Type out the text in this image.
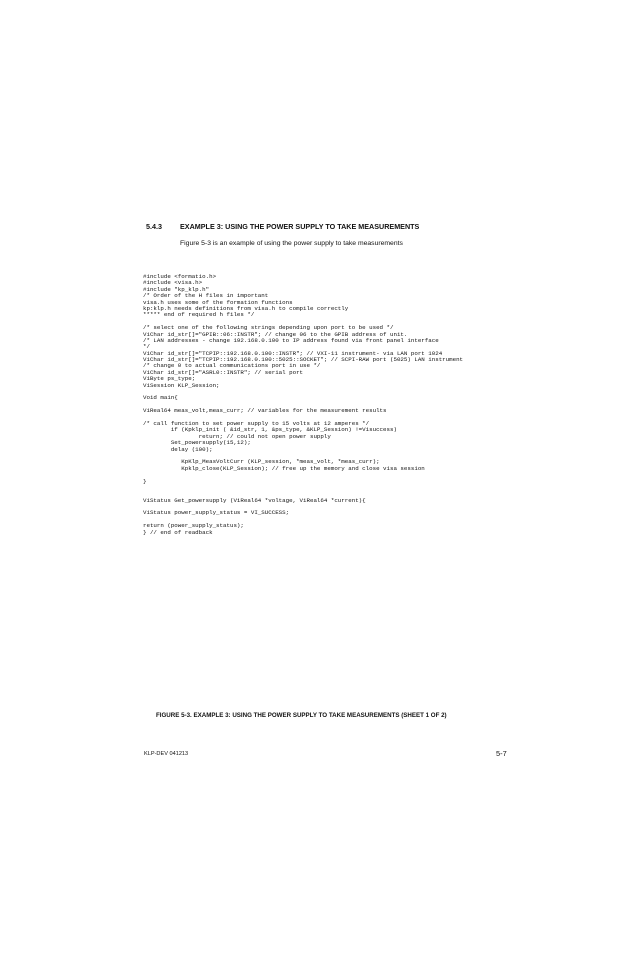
5.4.3	EXAMPLE 3: USING THE POWER SUPPLY TO TAKE MEASUREMENTS
Figure 5-3 is an example of using the power supply to take measurements
#include <formatio.h>
#include <visa.h>
#include "kp_klp.h"
/* Order of the H files in important
visa.h uses some of the formation functions
kp:klp.h needs definitions from visa.h to compile correctly
***** end of required h files */
/* select one of the following strings depending upon port to be used */
ViChar id_str[]="GPIB::06::INSTR"; // change 06 to the GPIB address of unit.
/* LAN addresses - change 192.168.0.100 to IP address found via front panel interface
*/
ViChar id_str[]="TCPIP::192.168.0.100::INSTR"; // VXI-11 instrument- via LAN port 1024
ViChar id_str[]="TCPIP::192.168.0.100::5025::SOCKET"; // SCPI-RAW port (5025) LAN instrument
/* change 0 to actual communications port in use */
ViChar id_str[]="ASRL0::INSTR"; // serial port
ViByte ps_type;
ViSession KLP_Session;
Void main{
ViReal64 meas_volt,meas_curr; // variables for the measurement results
/* call function to set power supply to 15 volts at 12 amperes */
if (Kpklp_init ( &id_str, 1, &ps_type, &KLP_Session) !=Visuccess)
return; // could not open power supply
Set_powersupply(15,12);
delay (100);
KpKlp_MeasVoltCurr (KLP_session, *meas_volt, *meas_curr);
Kpklp_close(KLP_Session); // free up the memory and close visa session
}
ViStatus Get_powersupply (ViReal64 *voltage, ViReal64 *current){
ViStatus power_supply_status = VI_SUCCESS;
return (power_supply_status);
} // end of readback
FIGURE 5-3. EXAMPLE 3: USING THE POWER SUPPLY TO TAKE MEASUREMENTS (SHEET 1 OF 2)
KLP-DEV 041213	5-7
